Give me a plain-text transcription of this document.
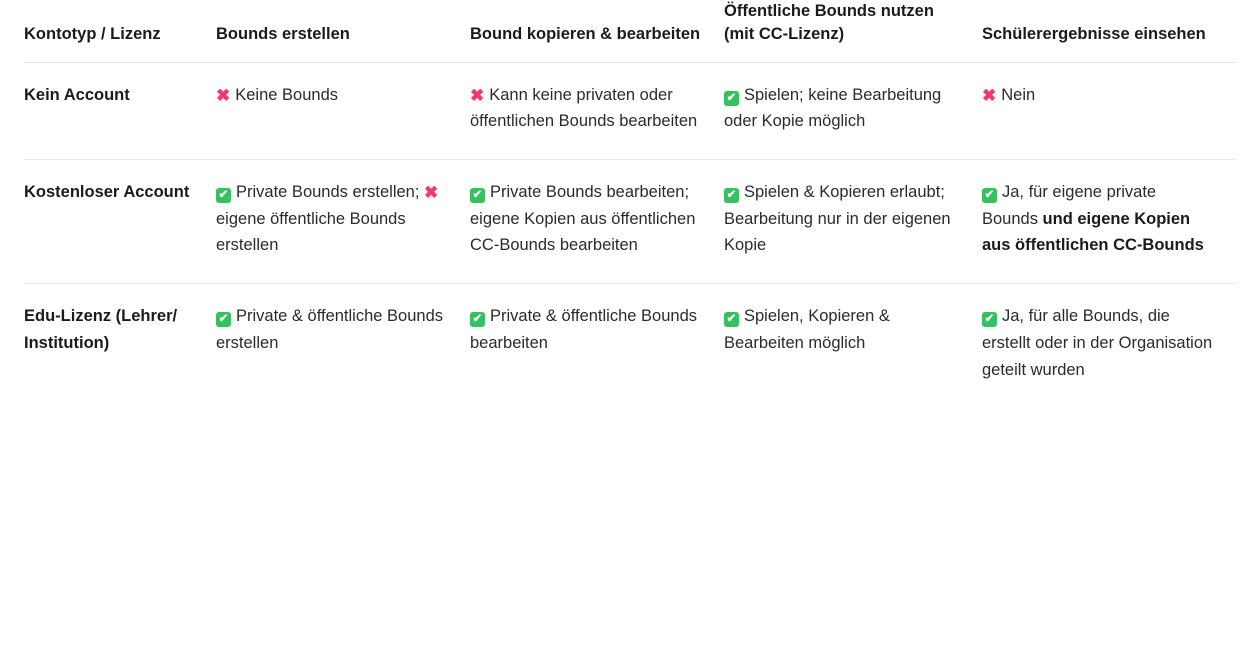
Kontotyp / Lizenz	Bounds erstellen	Bound kopieren & bearbeiten	Öffentliche Bounds nutzen (mit CC-Lizenz)	Schülerergebnisse einsehen
Kein Account	✖ Keine Bounds	✖ Kann keine privaten oder öffentlichen Bounds bearbeiten	✔ Spielen; keine Bearbeitung oder Kopie möglich	✖ Nein
Kostenloser Account	✔ Private Bounds erstellen; ✖eigene öffentliche Bounds erstellen	✔ Private Bounds bearbeiten; eigene Kopien aus öffentlichen CC-Bounds bearbeiten	✔ Spielen & Kopieren erlaubt; Bearbeitung nur in der eigenen Kopie	✔ Ja, für eigene private Bounds und eigene Kopien aus öffentlichen CC-Bounds
Edu-Lizenz (Lehrer/ Institution)	✔ Private & öffentliche Bounds erstellen	✔ Private & öffentliche Bounds bearbeiten	✔ Spielen, Kopieren & Bearbeiten möglich	✔ Ja, für alle Bounds, die erstellt oder in der Organisation geteilt wurden
